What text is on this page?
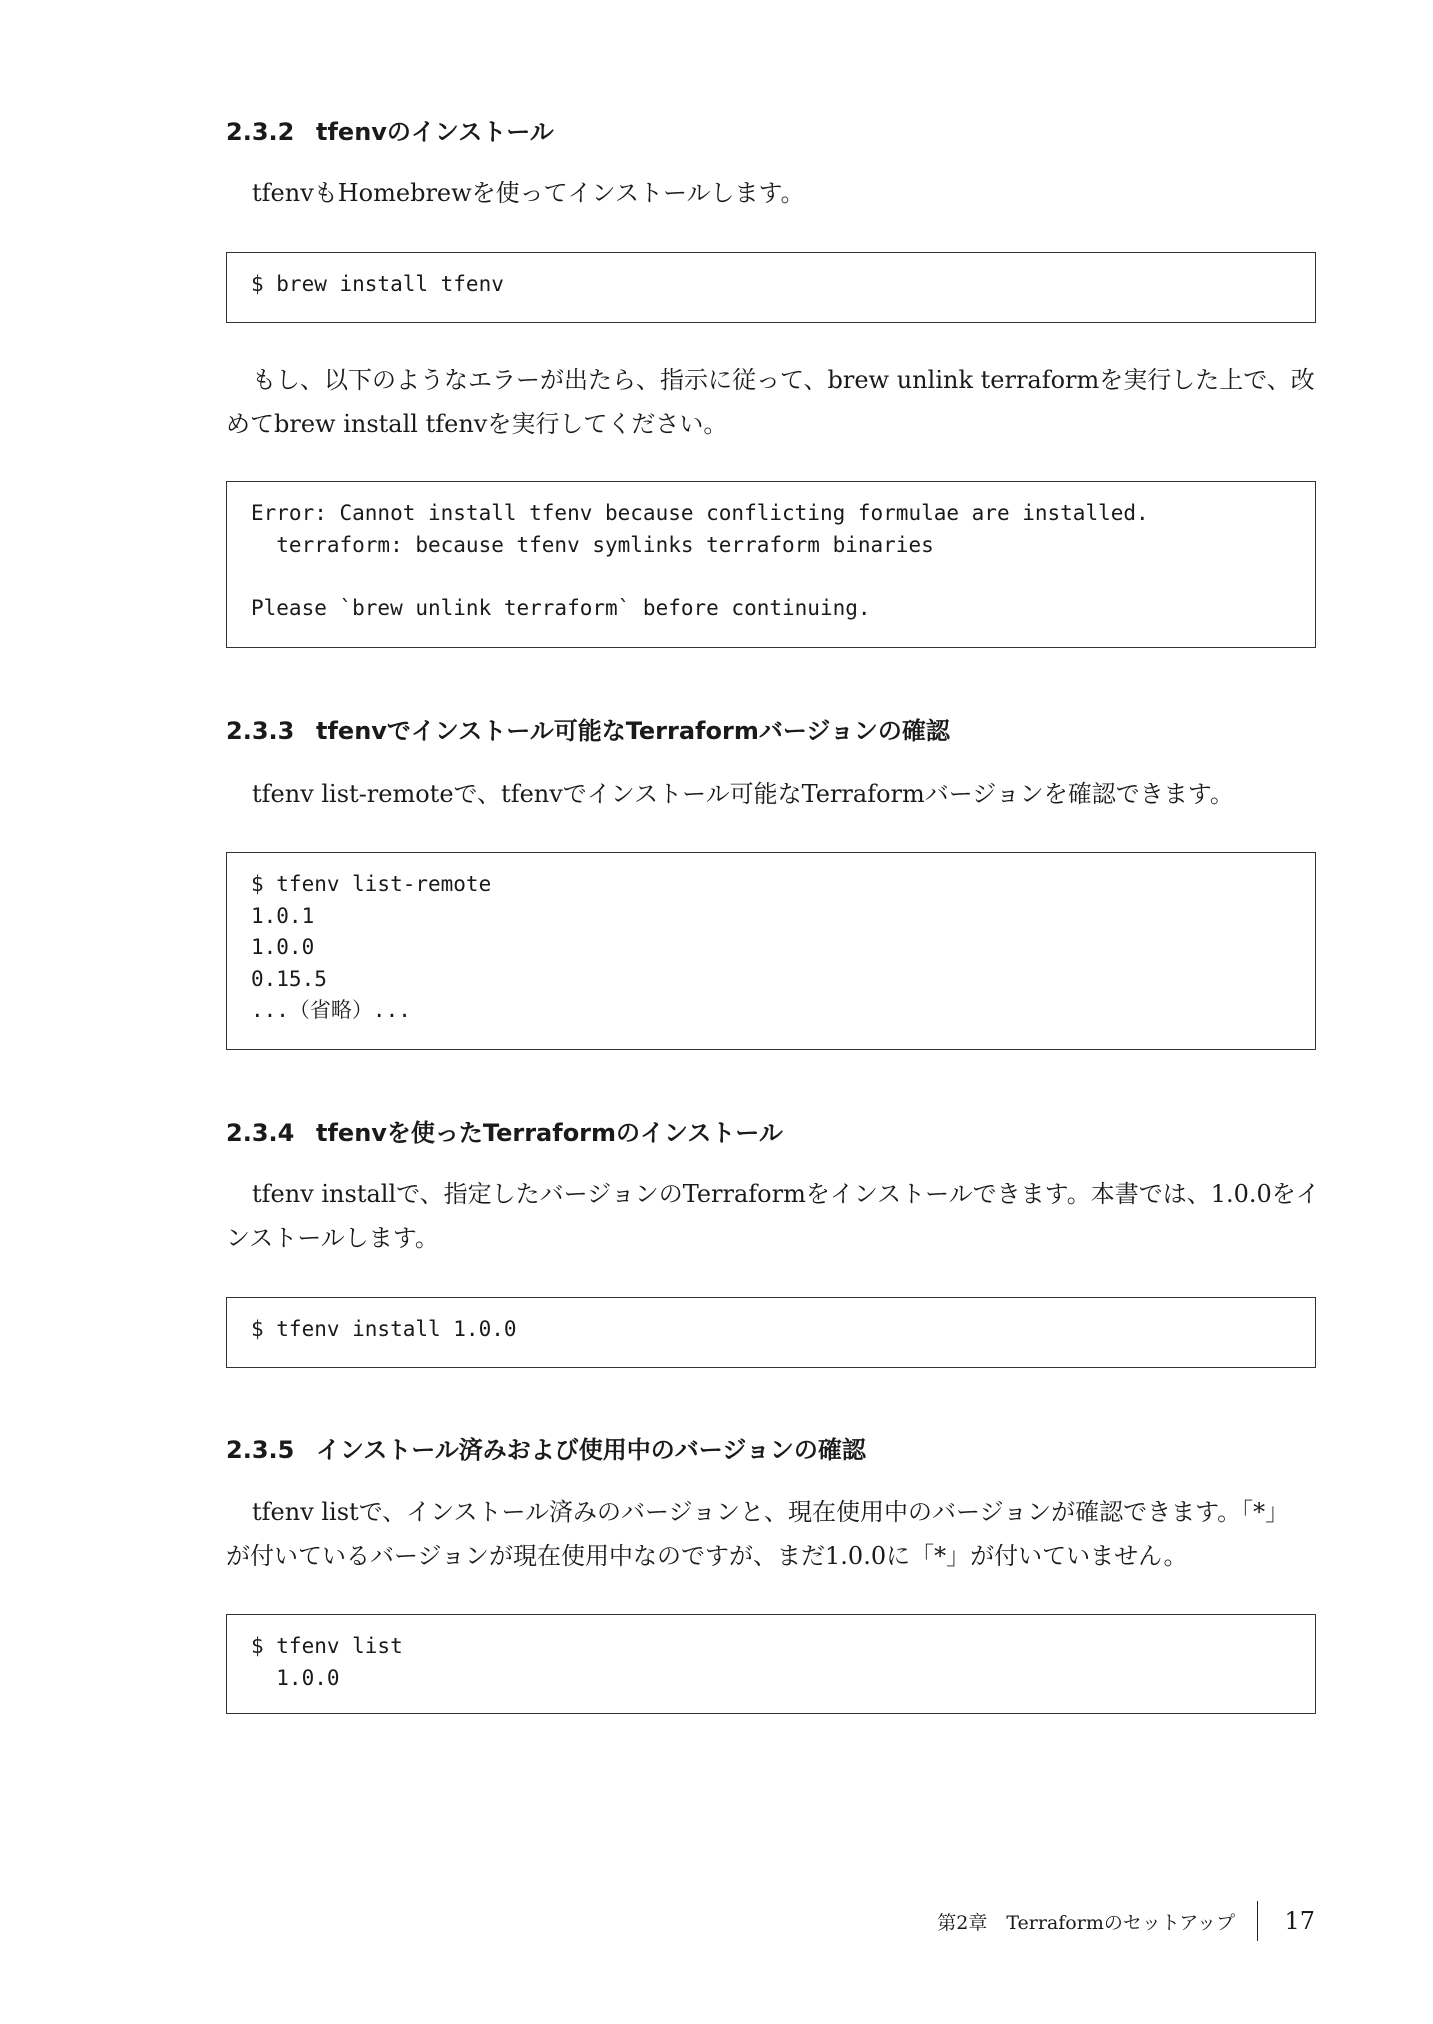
2.3.2 tfenvのインストール

tfenvもHomebrewを使ってインストールします。

$ brew install tfenv

もし、以下のようなエラーが出たら、指示に従って、brew unlink terraformを実行した上で、改
めてbrew install tfenvを実行してください。

Error: Cannot install tfenv because conflicting formulae are installed.
terraform: because tfenv symlinks terraform binaries
Please `brew unlink terraform` before continuing.
2.3.3 tfenvでインストール可能なTerraformバージョンの確認

tfenv list-remoteで、tfenvでインストール可能なTerraformバージョンを確認できます。

$ tfenv list-remote
1.0.1
1.0.0
0.15.5
...（省略）...
2.3.4 tfenvを使ったTerraformのインストール

tfenv installで、指定したバージョンのTerraformをインストールできます。本書では、1.0.0をイ
ンストールします。

$ tfenv install 1.0.0
2.3.5 インストール済みおよび使用中のバージョンの確認

tfenv listで、インストール済みのバージョンと、現在使用中のバージョンが確認できます。「*」
が付いているバージョンが現在使用中なのですが、まだ1.0.0に「*」が付いていません。

$ tfenv list
1.0.0
第2章　Terraformのセットアップ 17
